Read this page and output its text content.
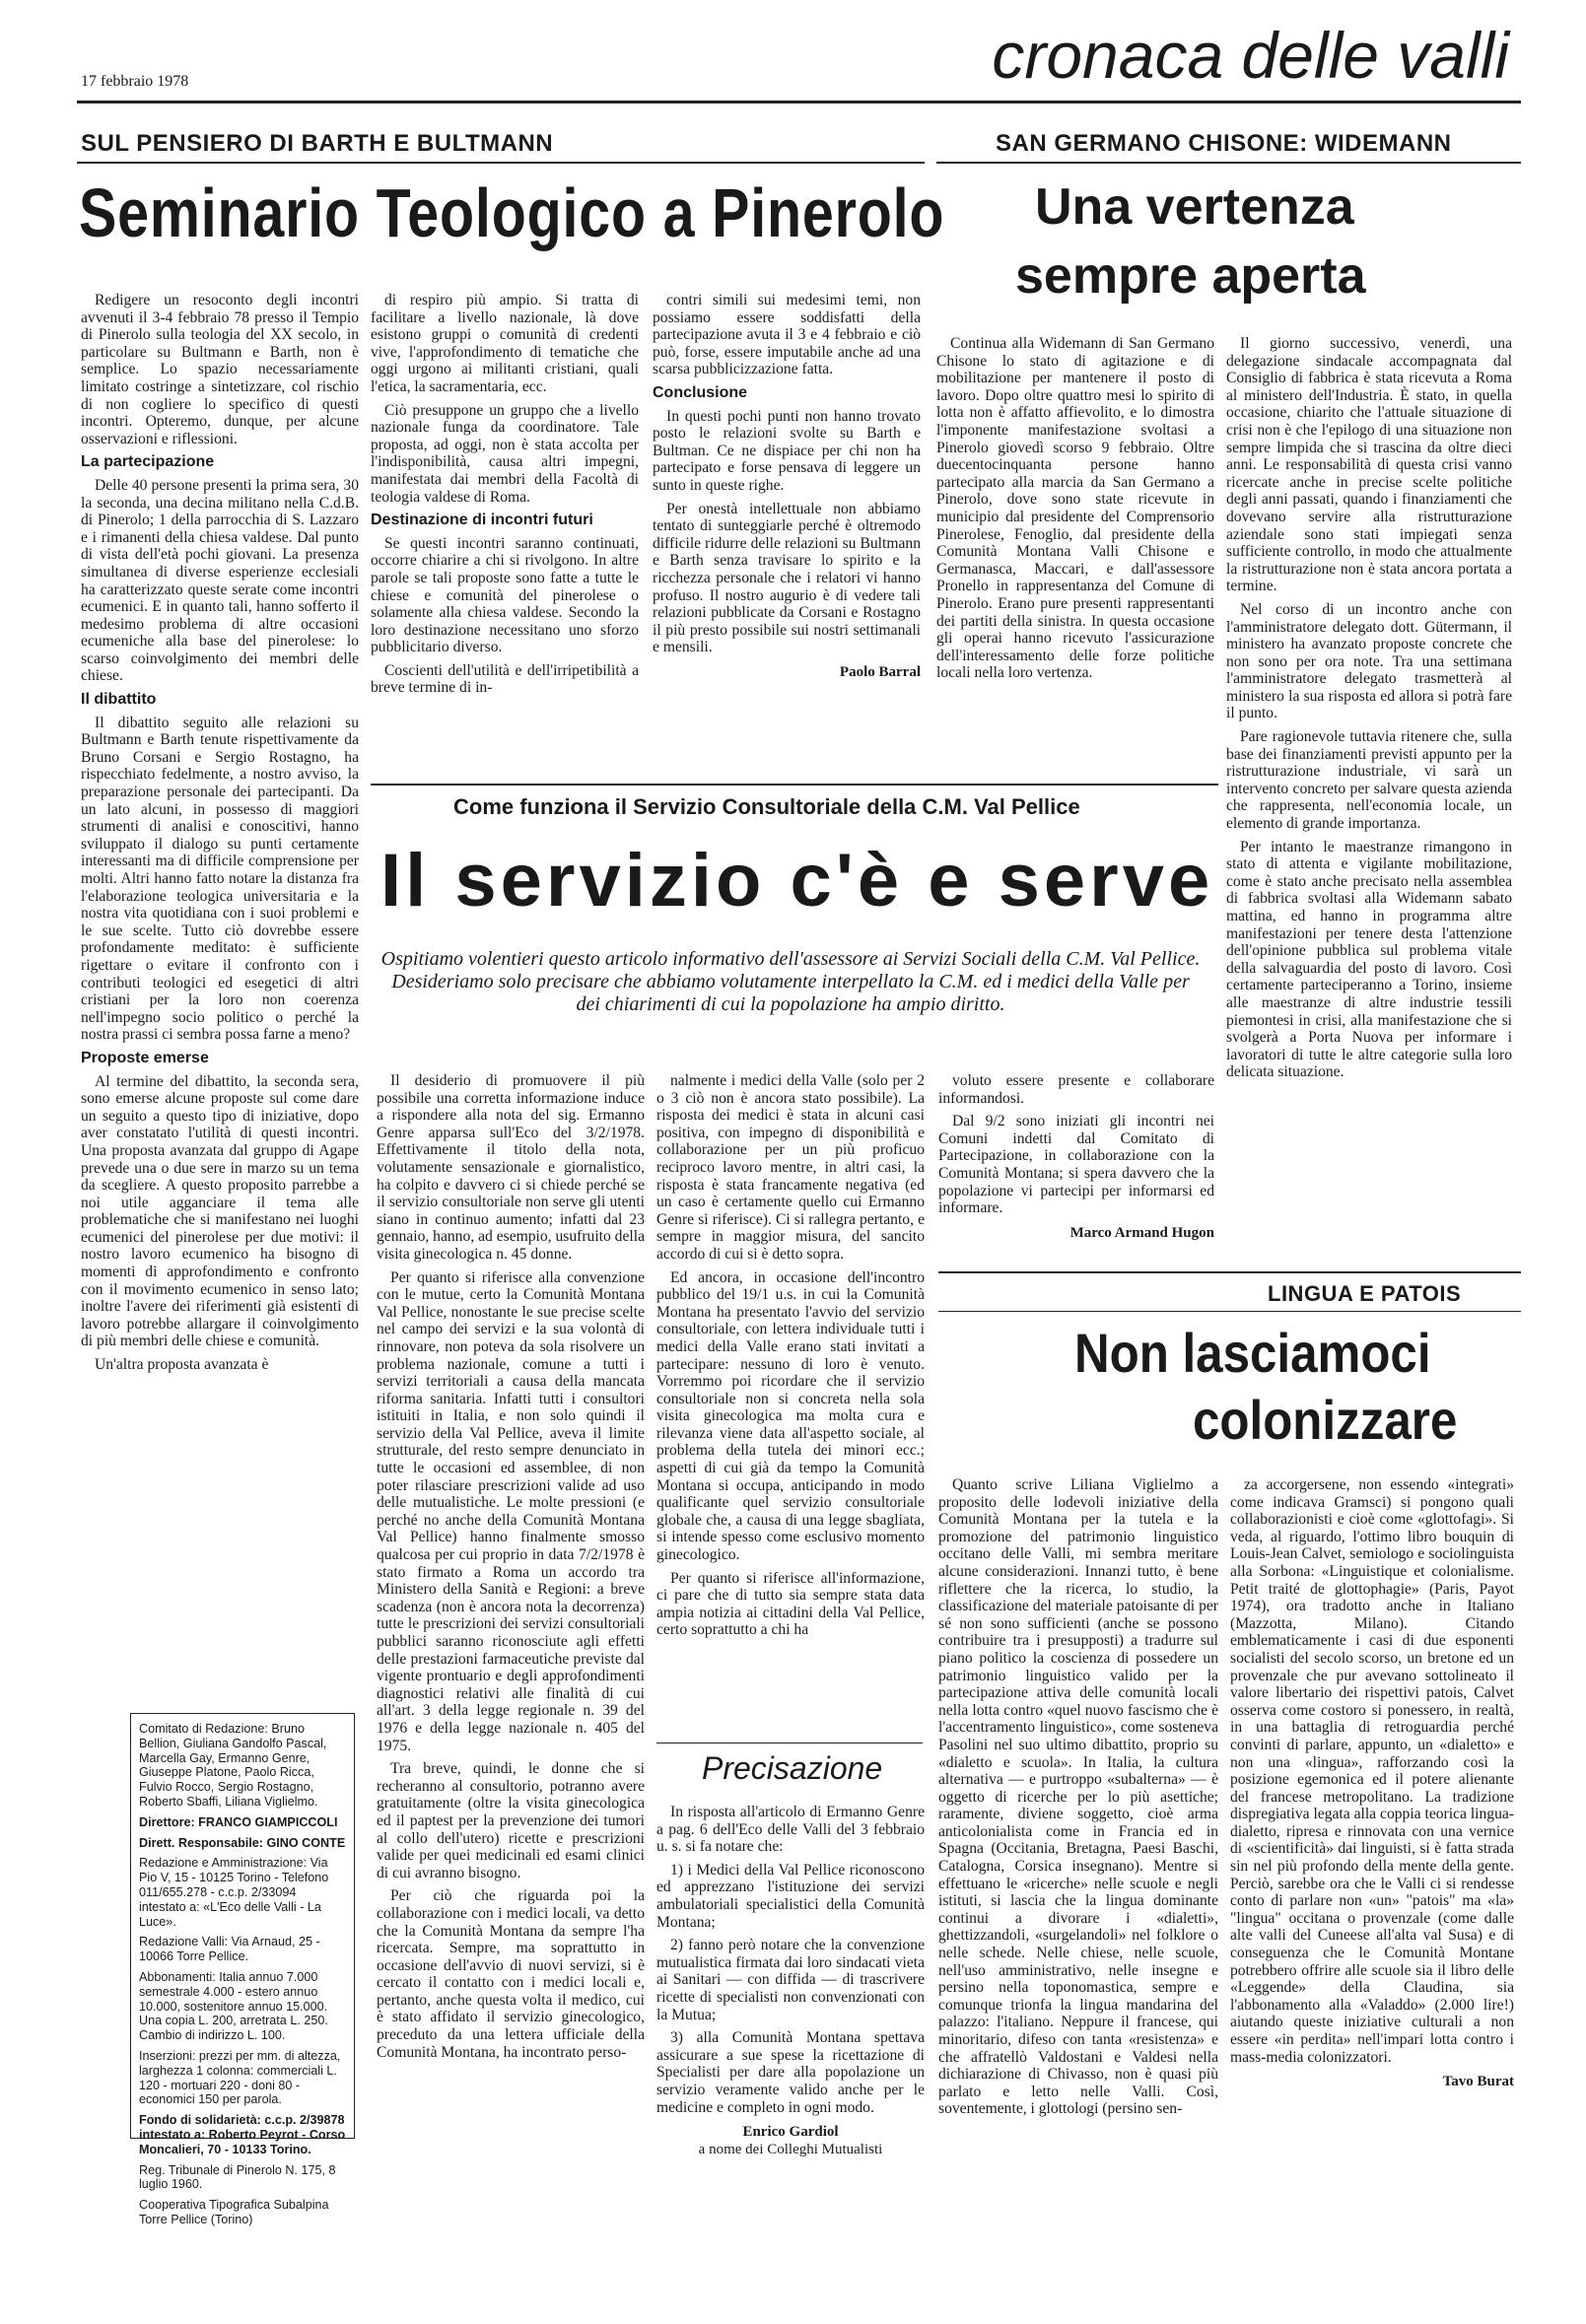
17 febbraio 1978	cronaca delle valli
SUL PENSIERO DI BARTH E BULTMANN
Seminario Teologico a Pinerolo

Redigere un resoconto degli incontri avvenuti il 3-4 febbraio 78 presso il Tempio di Pinerolo sulla teologia del XX secolo, in particolare su Bultmann e Barth, non è semplice. Lo spazio necessariamente limitato costringe a sintetizzare, col rischio di non cogliere lo specifico di questi incontri. Opteremo, dunque, per alcune osservazioni e riflessioni.

La partecipazione

Delle 40 persone presenti la prima sera, 30 la seconda, una decina militano nella C.d.B. di Pinerolo; 1 della parrocchia di S. Lazzaro e i rimanenti della chiesa valdese. Dal punto di vista dell'età pochi giovani. La presenza simultanea di diverse esperienze ecclesiali ha caratterizzato queste serate come incontri ecumenici. E in quanto tali, hanno sofferto il medesimo problema di altre occasioni ecumeniche alla base del pinerolese: lo scarso coinvolgimento dei membri delle chiese.

Il dibattito

Il dibattito seguito alle relazioni su Bultmann e Barth tenute rispettivamente da Bruno Corsani e Sergio Rostagno, ha rispecchiato fedelmente, a nostro avviso, la preparazione personale dei partecipanti. Da un lato alcuni, in possesso di maggiori strumenti di analisi e conoscitivi, hanno sviluppato il dialogo su punti certamente interessanti ma di difficile comprensione per molti. Altri hanno fatto notare la distanza fra l'elaborazione teologica universitaria e la nostra vita quotidiana con i suoi problemi e le sue scelte. Tutto ciò dovrebbe essere profondamente meditato: è sufficiente rigettare o evitare il confronto con i contributi teologici ed esegetici di altri cristiani per la loro non coerenza nell'impegno socio politico o perché la nostra prassi ci sembra possa farne a meno?

Proposte emerse

Al termine del dibattito, la seconda sera, sono emerse alcune proposte sul come dare un seguito a questo tipo di iniziative, dopo aver constatato l'utilità di questi incontri. Una proposta avanzata dal gruppo di Agape prevede una o due sere in marzo su un tema da scegliere. A questo proposito parrebbe a noi utile agganciare il tema alle problematiche che si manifestano nei luoghi ecumenici del pinerolese per due motivi: il nostro lavoro ecumenico ha bisogno di momenti di approfondimento e confronto con il movimento ecumenico in senso lato; inoltre l'avere dei riferimenti già esistenti di lavoro potrebbe allargare il coinvolgimento di più membri delle chiese e comunità.

Un'altra proposta avanzata è

di respiro più ampio. Si tratta di facilitare a livello nazionale, là dove esistono gruppi o comunità di credenti vive, l'approfondimento di tematiche che oggi urgono ai militanti cristiani, quali l'etica, la sacramentaria, ecc.

Ciò presuppone un gruppo che a livello nazionale funga da coordinatore. Tale proposta, ad oggi, non è stata accolta per l'indisponibilità, causa altri impegni, manifestata dai membri della Facoltà di teologia valdese di Roma.

Destinazione di incontri futuri

Se questi incontri saranno continuati, occorre chiarire a chi si rivolgono. In altre parole se tali proposte sono fatte a tutte le chiese e comunità del pinerolese o solamente alla chiesa valdese. Secondo la loro destinazione necessitano uno sforzo pubblicitario diverso.

Coscienti dell'utilità e dell'irripetibilità a breve termine di in-

contri simili sui medesimi temi, non possiamo essere soddisfatti della partecipazione avuta il 3 e 4 febbraio e ciò può, forse, essere imputabile anche ad una scarsa pubblicizzazione fatta.

Conclusione

In questi pochi punti non hanno trovato posto le relazioni svolte su Barth e Bultman. Ce ne dispiace per chi non ha partecipato e forse pensava di leggere un sunto in queste righe.

Per onestà intellettuale non abbiamo tentato di sunteggiarle perché è oltremodo difficile ridurre delle relazioni su Bultmann e Barth senza travisare lo spirito e la ricchezza personale che i relatori vi hanno profuso. Il nostro augurio è di vedere tali relazioni pubblicate da Corsani e Rostagno il più presto possibile sui nostri settimanali e mensili.

Paolo Barral
SAN GERMANO CHISONE: WIDEMANN
Una vertenza
sempre aperta

Continua alla Widemann di San Germano Chisone lo stato di agitazione e di mobilitazione per mantenere il posto di lavoro. Dopo oltre quattro mesi lo spirito di lotta non è affatto affievolito, e lo dimostra l'imponente manifestazione svoltasi a Pinerolo giovedì scorso 9 febbraio. Oltre duecentocinquanta persone hanno partecipato alla marcia da San Germano a Pinerolo, dove sono state ricevute in municipio dal presidente del Comprensorio Pinerolese, Fenoglio, dal presidente della Comunità Montana Valli Chisone e Germanasca, Maccari, e dall'assessore Pronello in rappresentanza del Comune di Pinerolo. Erano pure presenti rappresentanti dei partiti della sinistra. In questa occasione gli operai hanno ricevuto l'assicurazione dell'interessamento delle forze politiche locali nella loro vertenza.

Il giorno successivo, venerdì, una delegazione sindacale accompagnata dal Consiglio di fabbrica è stata ricevuta a Roma al ministero dell'Industria. È stato, in quella occasione, chiarito che l'attuale situazione di crisi non è che l'epilogo di una situazione non sempre limpida che si trascina da oltre dieci anni. Le responsabilità di questa crisi vanno ricercate anche in precise scelte politiche degli anni passati, quando i finanziamenti che dovevano servire alla ristrutturazione aziendale sono stati impiegati senza sufficiente controllo, in modo che attualmente la ristrutturazione non è stata ancora portata a termine.

Nel corso di un incontro anche con l'amministratore delegato dott. Gütermann, il ministero ha avanzato proposte concrete che non sono per ora note. Tra una settimana l'amministratore delegato trasmetterà al ministero la sua risposta ed allora si potrà fare il punto.

Pare ragionevole tuttavia ritenere che, sulla base dei finanziamenti previsti appunto per la ristrutturazione industriale, vi sarà un intervento concreto per salvare questa azienda che rappresenta, nell'economia locale, un elemento di grande importanza.

Per intanto le maestranze rimangono in stato di attenta e vigilante mobilitazione, come è stato anche precisato nella assemblea di fabbrica svoltasi alla Widemann sabato mattina, ed hanno in programma altre manifestazioni per tenere desta l'attenzione dell'opinione pubblica sul problema vitale della salvaguardia del posto di lavoro. Così certamente parteciperanno a Torino, insieme alle maestranze di altre industrie tessili piemontesi in crisi, alla manifestazione che si svolgerà a Porta Nuova per informare i lavoratori di tutte le altre categorie sulla loro delicata situazione.

Come funziona il Servizio Consultoriale della C.M. Val Pellice
Il servizio c'è e serve
Ospitiamo volentieri questo articolo informativo dell'assessore ai Servizi Sociali della C.M. Val Pellice. Desideriamo solo precisare che abbiamo volutamente interpellato la C.M. ed i medici della Valle per dei chiarimenti di cui la popolazione ha ampio diritto.

Il desiderio di promuovere il più possibile una corretta informazione induce a rispondere alla nota del sig. Ermanno Genre apparsa sull'Eco del 3/2/1978. Effettivamente il titolo della nota, volutamente sensazionale e giornalistico, ha colpito e davvero ci si chiede perché se il servizio consultoriale non serve gli utenti siano in continuo aumento; infatti dal 23 gennaio, hanno, ad esempio, usufruito della visita ginecologica n. 45 donne.

Per quanto si riferisce alla convenzione con le mutue, certo la Comunità Montana Val Pellice, nonostante le sue precise scelte nel campo dei servizi e la sua volontà di rinnovare, non poteva da sola risolvere un problema nazionale, comune a tutti i servizi territoriali a causa della mancata riforma sanitaria. Infatti tutti i consultori istituiti in Italia, e non solo quindi il servizio della Val Pellice, aveva il limite strutturale, del resto sempre denunciato in tutte le occasioni ed assemblee, di non poter rilasciare prescrizioni valide ad uso delle mutualistiche. Le molte pressioni (e perché no anche della Comunità Montana Val Pellice) hanno finalmente smosso qualcosa per cui proprio in data 7/2/1978 è stato firmato a Roma un accordo tra Ministero della Sanità e Regioni: a breve scadenza (non è ancora nota la decorrenza) tutte le prescrizioni dei servizi consultoriali pubblici saranno riconosciute agli effetti delle prestazioni farmaceutiche previste dal vigente prontuario e degli approfondimenti diagnostici relativi alle finalità di cui all'art. 3 della legge regionale n. 39 del 1976 e della legge nazionale n. 405 del 1975.

Tra breve, quindi, le donne che si recheranno al consultorio, potranno avere gratuitamente (oltre la visita ginecologica ed il paptest per la prevenzione dei tumori al collo dell'utero) ricette e prescrizioni valide per quei medicinali ed esami clinici di cui avranno bisogno.

Per ciò che riguarda poi la collaborazione con i medici locali, va detto che la Comunità Montana da sempre l'ha ricercata. Sempre, ma soprattutto in occasione dell'avvio di nuovi servizi, si è cercato il contatto con i medici locali e, pertanto, anche questa volta il medico, cui è stato affidato il servizio ginecologico, preceduto da una lettera ufficiale della Comunità Montana, ha incontrato perso-

nalmente i medici della Valle (solo per 2 o 3 ciò non è ancora stato possibile). La risposta dei medici è stata in alcuni casi positiva, con impegno di disponibilità e collaborazione per un più proficuo reciproco lavoro mentre, in altri casi, la risposta è stata francamente negativa (ed un caso è certamente quello cui Ermanno Genre si riferisce). Ci si rallegra pertanto, e sempre in maggior misura, del sancito accordo di cui si è detto sopra.

Ed ancora, in occasione dell'incontro pubblico del 19/1 u.s. in cui la Comunità Montana ha presentato l'avvio del servizio consultoriale, con lettera individuale tutti i medici della Valle erano stati invitati a partecipare: nessuno di loro è venuto. Vorremmo poi ricordare che il servizio consultoriale non si concreta nella sola visita ginecologica ma molta cura e rilevanza viene data all'aspetto sociale, al problema della tutela dei minori ecc.; aspetti di cui già da tempo la Comunità Montana si occupa, anticipando in modo qualificante quel servizio consultoriale globale che, a causa di una legge sbagliata, si intende spesso come esclusivo momento ginecologico.

Per quanto si riferisce all'informazione, ci pare che di tutto sia sempre stata data ampia notizia ai cittadini della Val Pellice, certo soprattutto a chi ha

voluto essere presente e collaborare informandosi.

Dal 9/2 sono iniziati gli incontri nei Comuni indetti dal Comitato di Partecipazione, in collaborazione con la Comunità Montana; si spera davvero che la popolazione vi partecipi per informarsi ed informare.

Marco Armand Hugon
Precisazione

In risposta all'articolo di Ermanno Genre a pag. 6 dell'Eco delle Valli del 3 febbraio u. s. si fa notare che:

1) i Medici della Val Pellice riconoscono ed apprezzano l'istituzione dei servizi ambulatoriali specialistici della Comunità Montana;

2) fanno però notare che la convenzione mutualistica firmata dai loro sindacati vieta ai Sanitari — con diffida — di trascrivere ricette di specialisti non convenzionati con la Mutua;

3) alla Comunità Montana spettava assicurare a sue spese la ricettazione di Specialisti per dare alla popolazione un servizio veramente valido anche per le medicine e completo in ogni modo.

Enrico Gardiol
a nome dei Colleghi Mutualisti
LINGUA E PATOIS
Non lasciamoci
colonizzare

Quanto scrive Liliana Viglielmo a proposito delle lodevoli iniziative della Comunità Montana per la tutela e la promozione del patrimonio linguistico occitano delle Valli, mi sembra meritare alcune considerazioni. Innanzi tutto, è bene riflettere che la ricerca, lo studio, la classificazione del materiale patoisante di per sé non sono sufficienti (anche se possono contribuire tra i presupposti) a tradurre sul piano politico la coscienza di possedere un patrimonio linguistico valido per la partecipazione attiva delle comunità locali nella lotta contro «quel nuovo fascismo che è l'accentramento linguistico», come sosteneva Pasolini nel suo ultimo dibattito, proprio su «dialetto e scuola». In Italia, la cultura alternativa — e purtroppo «subalterna» — è oggetto di ricerche per lo più asettiche; raramente, diviene soggetto, cioè arma anticolonialista come in Francia ed in Spagna (Occitania, Bretagna, Paesi Baschi, Catalogna, Corsica insegnano). Mentre si effettuano le «ricerche» nelle scuole e negli istituti, si lascia che la lingua dominante continui a divorare i «dialetti», ghettizzandoli, «surgelandoli» nel folklore o nelle schede. Nelle chiese, nelle scuole, nell'uso amministrativo, nelle insegne e persino nella toponomastica, sempre e comunque trionfa la lingua mandarina del palazzo: l'italiano. Neppure il francese, qui minoritario, difeso con tanta «resistenza» e che affratellò Valdostani e Valdesi nella dichiarazione di Chivasso, non è quasi più parlato e letto nelle Valli. Così, soventemente, i glottologi (persino sen-

za accorgersene, non essendo «integrati» come indicava Gramsci) si pongono quali collaborazionisti e cioè come «glottofagi». Si veda, al riguardo, l'ottimo libro bouquin di Louis-Jean Calvet, semiologo e sociolinguista alla Sorbona: «Linguistique et colonialisme. Petit traité de glottophagie» (Paris, Payot 1974), ora tradotto anche in Italiano (Mazzotta, Milano). Citando emblematicamente i casi di due esponenti socialisti del secolo scorso, un bretone ed un provenzale che pur avevano sottolineato il valore libertario dei rispettivi patois, Calvet osserva come costoro si ponessero, in realtà, in una battaglia di retroguardia perché convinti di parlare, appunto, un «dialetto» e non una «lingua», rafforzando così la posizione egemonica ed il potere alienante del francese metropolitano. La tradizione dispregiativa legata alla coppia teorica lingua-dialetto, ripresa e rinnovata con una vernice di «scientificità» dai linguisti, si è fatta strada sin nel più profondo della mente della gente. Perciò, sarebbe ora che le Valli ci si rendesse conto di parlare non «un» "patois" ma «la» "lingua" occitana o provenzale (come dalle alte valli del Cuneese all'alta val Susa) e di conseguenza che le Comunità Montane potrebbero offrire alle scuole sia il libro delle «Leggende» della Claudina, sia l'abbonamento alla «Valaddo» (2.000 lire!) aiutando queste iniziative culturali a non essere «in perdita» nell'impari lotta contro i mass-media colonizzatori.

Tavo Burat

Comitato di Redazione: Bruno Bellion, Giuliana Gandolfo Pascal, Marcella Gay, Ermanno Genre, Giuseppe Platone, Paolo Ricca, Fulvio Rocco, Sergio Rostagno, Roberto Sbaffi, Liliana Viglielmo.

Direttore: FRANCO GIAMPICCOLI

Dirett. Responsabile: GINO CONTE

Redazione e Amministrazione: Via Pio V, 15 - 10125 Torino - Telefono 011/655.278 - c.c.p. 2/33094 intestato a: «L'Eco delle Valli - La Luce».

Redazione Valli: Via Arnaud, 25 - 10066 Torre Pellice.

Abbonamenti: Italia annuo 7.000 semestrale 4.000 - estero annuo 10.000, sostenitore annuo 15.000. Una copia L. 200, arretrata L. 250. Cambio di indirizzo L. 100.

Inserzioni: prezzi per mm. di altezza, larghezza 1 colonna: commerciali L. 120 - mortuari 220 - doni 80 - economici 150 per parola.

Fondo di solidarietà: c.c.p. 2/39878 intestato a: Roberto Peyrot - Corso Moncalieri, 70 - 10133 Torino.

Reg. Tribunale di Pinerolo N. 175, 8 luglio 1960.

Cooperativa Tipografica Subalpina Torre Pellice (Torino)
